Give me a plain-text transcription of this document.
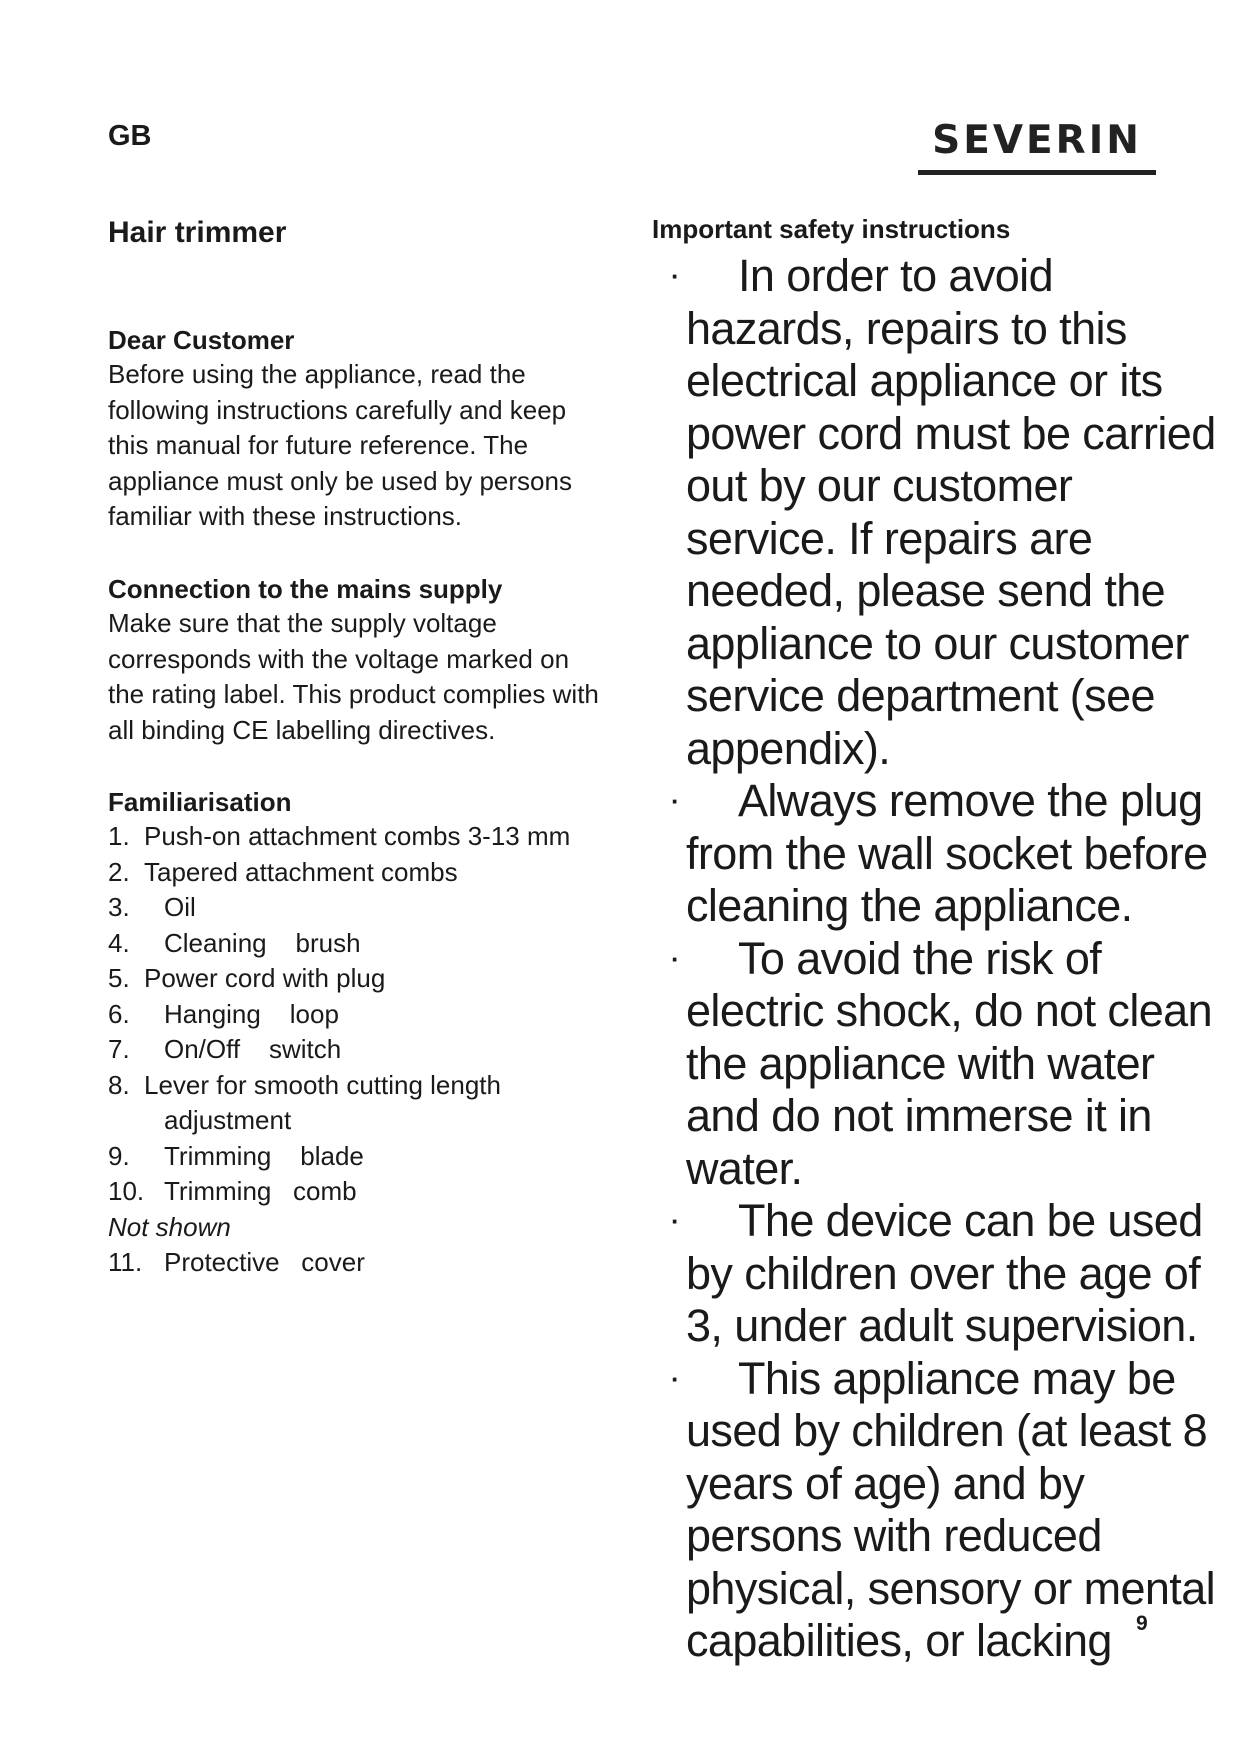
GB	SEVERIN
Hair trimmer

Dear Customer

Before using the appliance, read the

following instructions carefully and keep

this manual for future reference. The

appliance must only be used by persons

familiar with these instructions.

Connection to the mains supply

Make sure that the supply voltage

corresponds with the voltage marked on

the rating label. This product complies with

all binding CE labelling directives.

Familiarisation

1. Push-on attachment combs 3-13 mm
2. Tapered attachment combs
3. Oil
4. Cleaning    brush
5. Power cord with plug
6. Hanging    loop
7. On/Off    switch
8. Lever for smooth cutting length
adjustment
9. Trimming    blade
10. Trimming   comb
Not shown
11. Protective   cover
Important safety instructions
·	In order to avoid hazards, repairs to this electrical appliance or its power cord must be carried out by our customer service. If repairs are needed, please send the appliance to our customer service department (see appendix).
·	Always remove the plug from the wall socket before cleaning the appliance.
·	To avoid the risk of electric shock, do not clean the appliance with water and do not immerse it in water.
·	The device can be used by children over the age of 3, under adult supervision.
·	This appliance may be used by children (at least 8 years of age) and by persons with reduced physical, sensory or mental capabilities, or lacking	9
